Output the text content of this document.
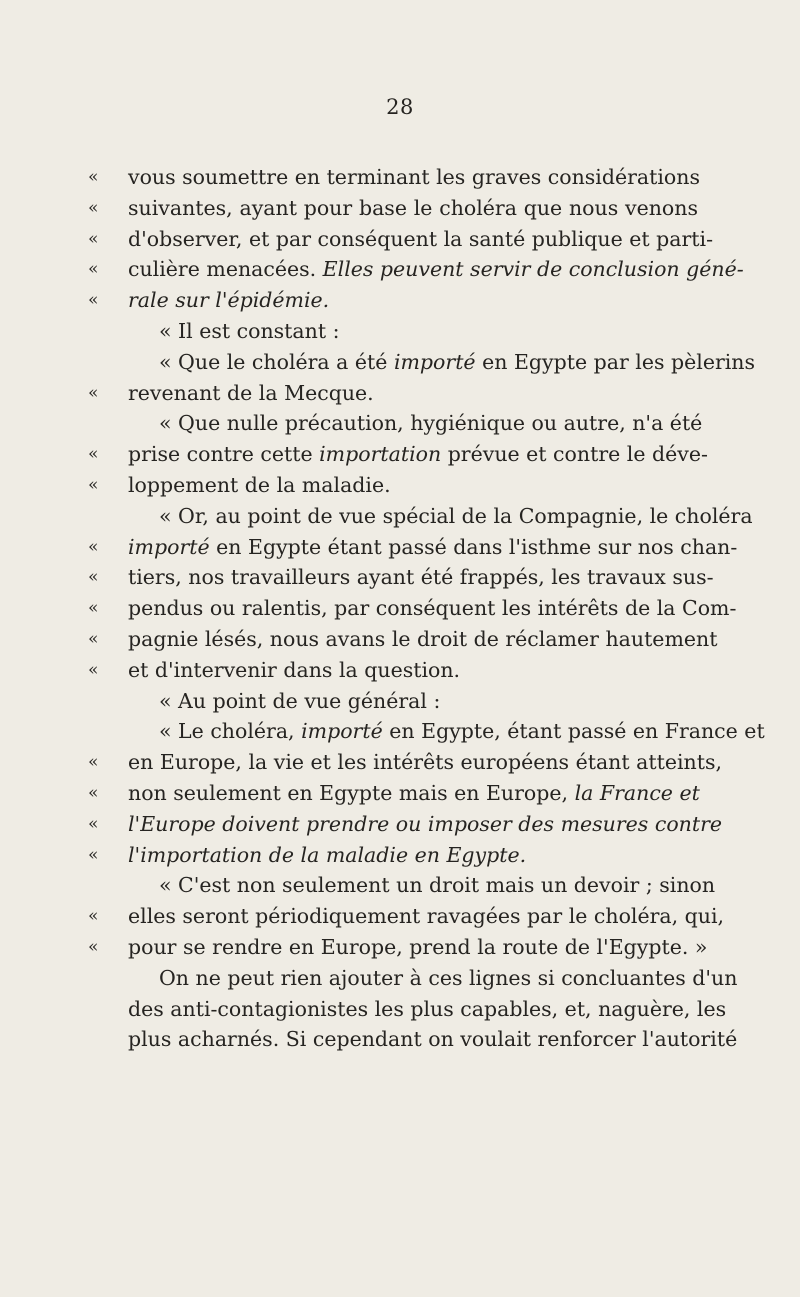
28
« vous soumettre en terminant les graves considérations
« suivantes, ayant pour base le choléra que nous venons
« d'observer, et par conséquent la santé publique et parti-
« culière menacées. Elles peuvent servir de conclusion géné-
« rale sur l'épidémie.
« Il est constant :
« Que le choléra a été importé en Egypte par les pèlerins
« revenant de la Mecque.
« Que nulle précaution, hygiénique ou autre, n'a été
« prise contre cette importation prévue et contre le déve-
« loppement de la maladie.
« Or, au point de vue spécial de la Compagnie, le choléra
« importé en Egypte étant passé dans l'isthme sur nos chan-
« tiers, nos travailleurs ayant été frappés, les travaux sus-
« pendus ou ralentis, par conséquent les intérêts de la Com-
« pagnie lésés, nous avans le droit de réclamer hautement
« et d'intervenir dans la question.
« Au point de vue général :
« Le choléra, importé en Egypte, étant passé en France et
« en Europe, la vie et les intérêts européens étant atteints,
« non seulement en Egypte mais en Europe, la France et
« l'Europe doivent prendre ou imposer des mesures contre
« l'importation de la maladie en Egypte.
« C'est non seulement un droit mais un devoir ; sinon
« elles seront périodiquement ravagées par le choléra, qui,
« pour se rendre en Europe, prend la route de l'Egypte. »
On ne peut rien ajouter à ces lignes si concluantes d'un
des anti-contagionistes les plus capables, et, naguère, les
plus acharnés. Si cependant on voulait renforcer l'autorité
